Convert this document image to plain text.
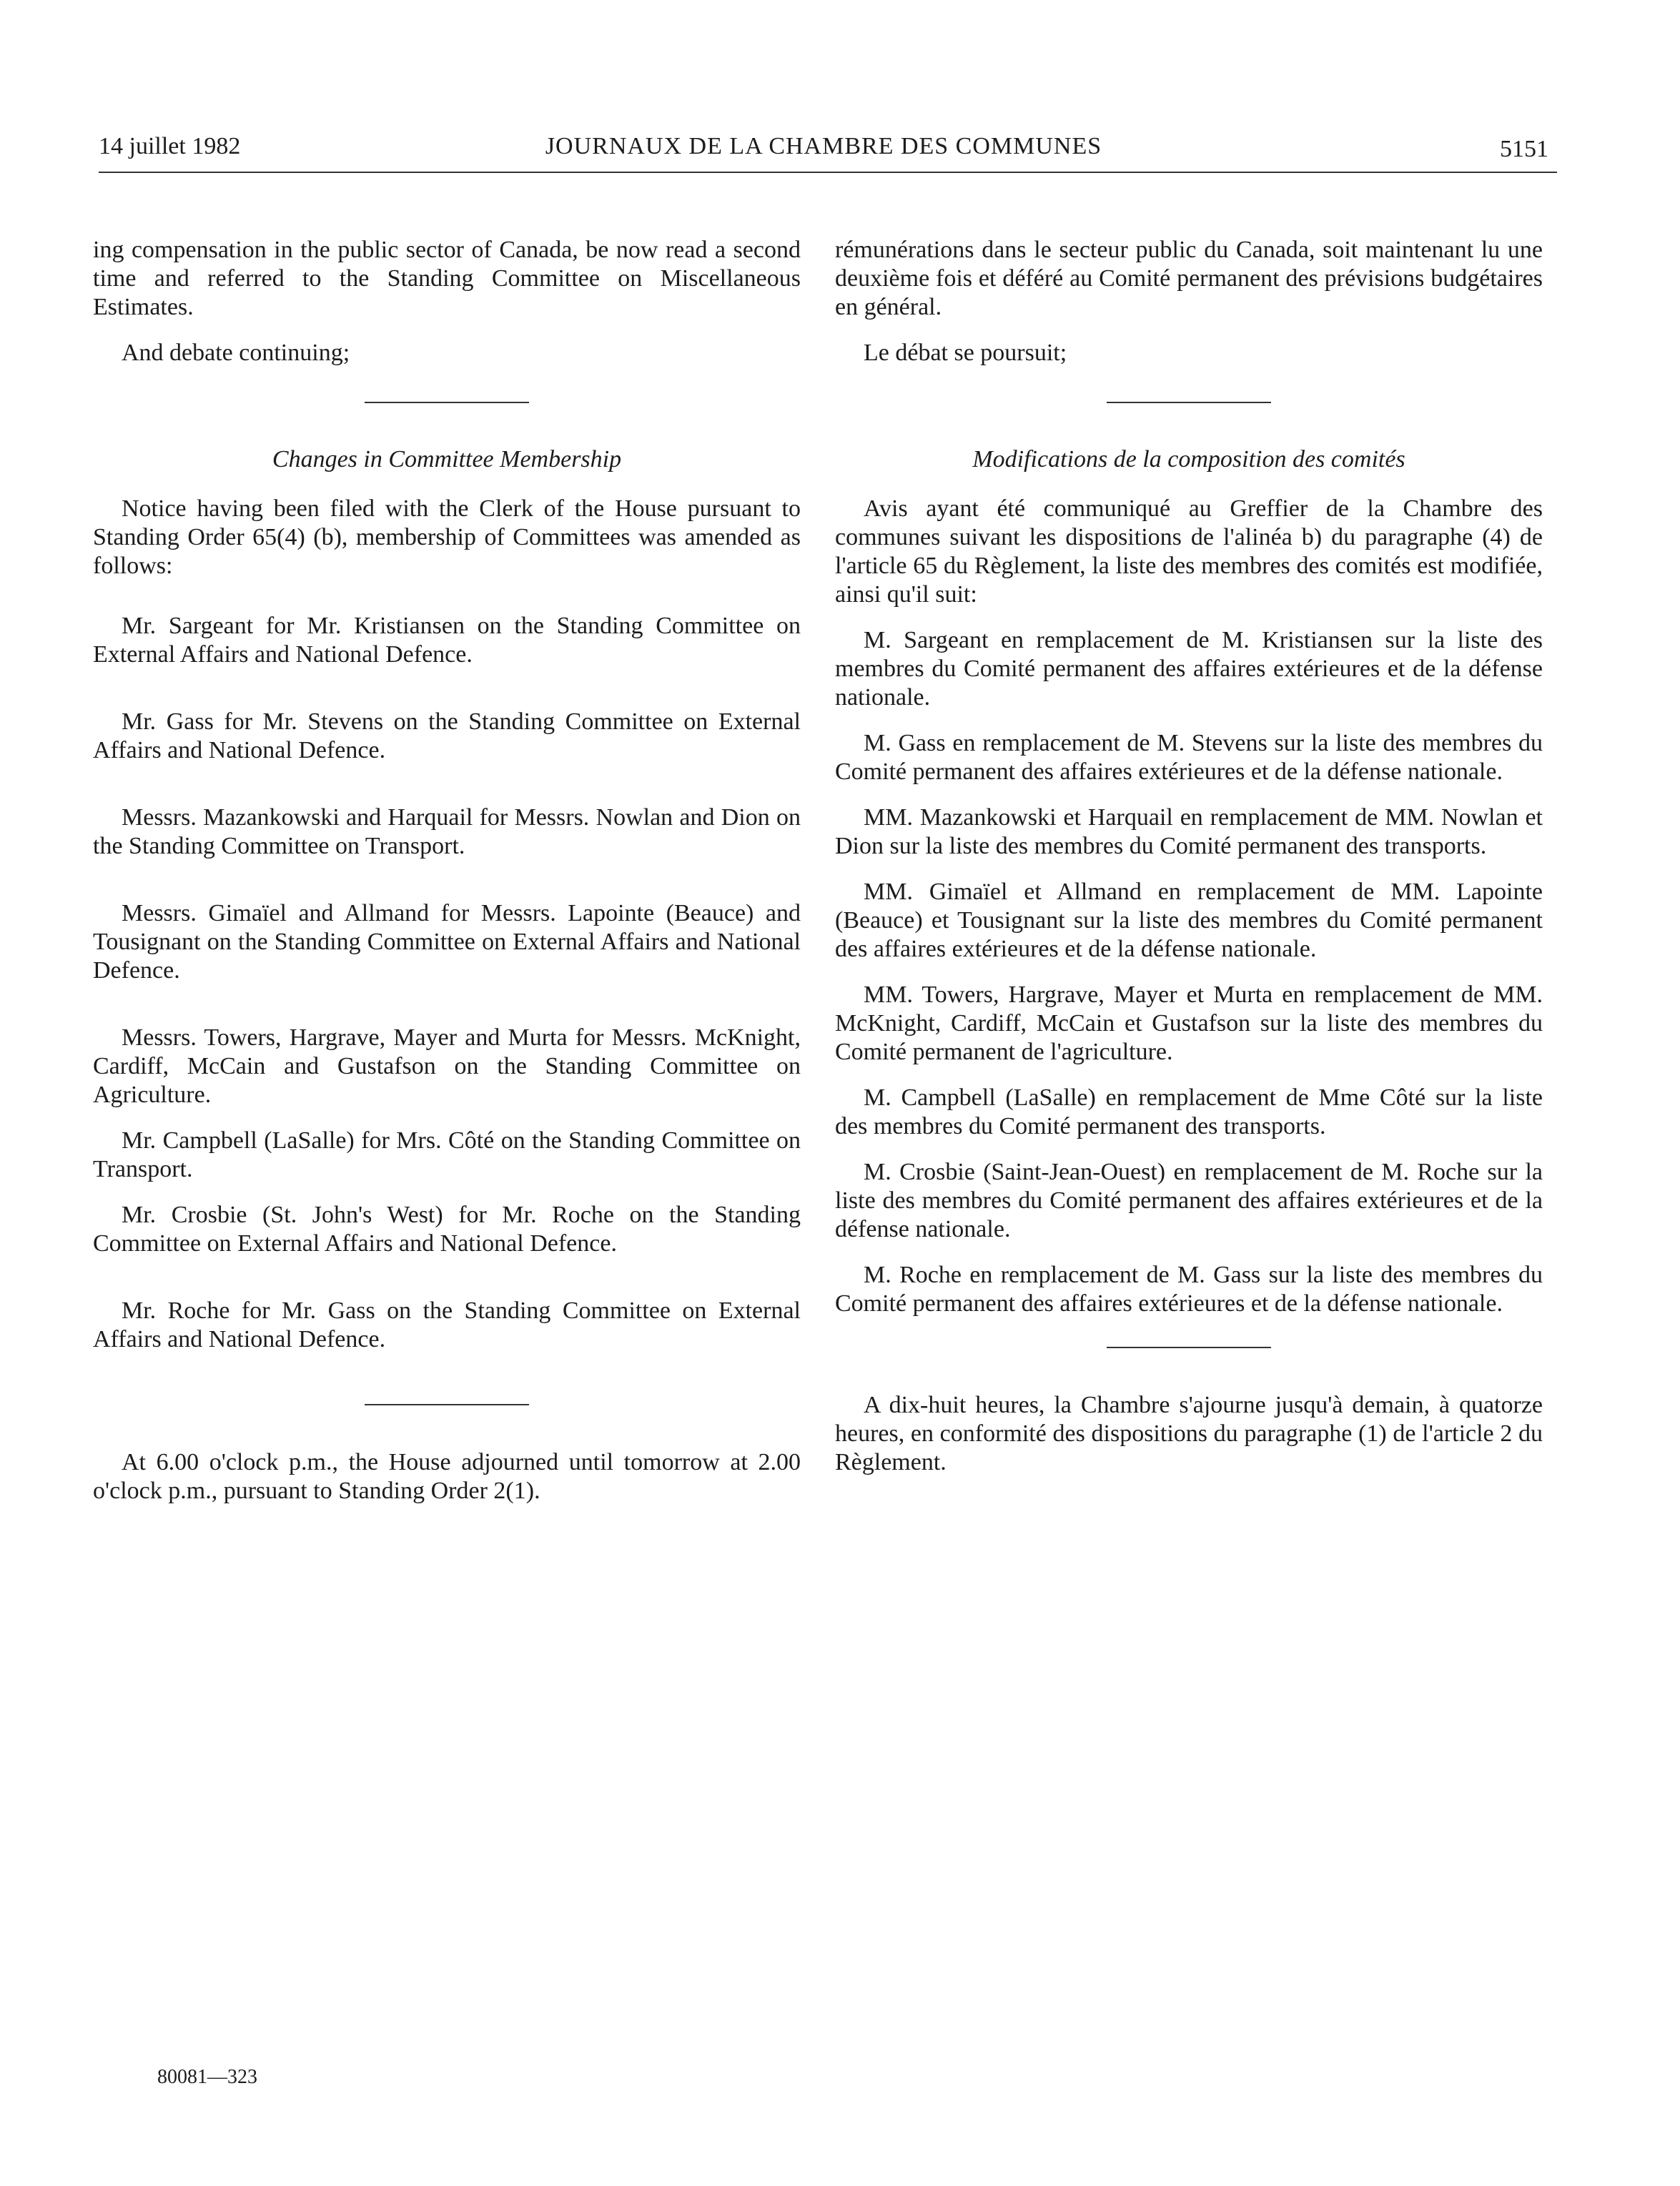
14 juillet 1982	JOURNAUX DE LA CHAMBRE DES COMMUNES	5151

ing compensation in the public sector of Canada, be now read a second time and referred to the Standing Committee on Miscellaneous Estimates.

And debate continuing;

Changes in Committee Membership

Notice having been filed with the Clerk of the House pursuant to Standing Order 65(4) (b), membership of Committees was amended as follows:

Mr. Sargeant for Mr. Kristiansen on the Standing Committee on External Affairs and National Defence.

Mr. Gass for Mr. Stevens on the Standing Committee on External Affairs and National Defence.

Messrs. Mazankowski and Harquail for Messrs. Nowlan and Dion on the Standing Committee on Transport.

Messrs. Gimaïel and Allmand for Messrs. Lapointe (Beauce) and Tousignant on the Standing Committee on External Affairs and National Defence.

Messrs. Towers, Hargrave, Mayer and Murta for Messrs. McKnight, Cardiff, McCain and Gustafson on the Standing Committee on Agriculture.

Mr. Campbell (LaSalle) for Mrs. Côté on the Standing Committee on Transport.

Mr. Crosbie (St. John's West) for Mr. Roche on the Standing Committee on External Affairs and National Defence.

Mr. Roche for Mr. Gass on the Standing Committee on External Affairs and National Defence.

At 6.00 o'clock p.m., the House adjourned until tomorrow at 2.00 o'clock p.m., pursuant to Standing Order 2(1).

rémunérations dans le secteur public du Canada, soit maintenant lu une deuxième fois et déféré au Comité permanent des prévisions budgétaires en général.

Le débat se poursuit;

Modifications de la composition des comités

Avis ayant été communiqué au Greffier de la Chambre des communes suivant les dispositions de l'alinéa b) du paragraphe (4) de l'article 65 du Règlement, la liste des membres des comités est modifiée, ainsi qu'il suit:

M. Sargeant en remplacement de M. Kristiansen sur la liste des membres du Comité permanent des affaires extérieures et de la défense nationale.

M. Gass en remplacement de M. Stevens sur la liste des membres du Comité permanent des affaires extérieures et de la défense nationale.

MM. Mazankowski et Harquail en remplacement de MM. Nowlan et Dion sur la liste des membres du Comité permanent des transports.

MM. Gimaïel et Allmand en remplacement de MM. Lapointe (Beauce) et Tousignant sur la liste des membres du Comité permanent des affaires extérieures et de la défense nationale.

MM. Towers, Hargrave, Mayer et Murta en remplacement de MM. McKnight, Cardiff, McCain et Gustafson sur la liste des membres du Comité permanent de l'agriculture.

M. Campbell (LaSalle) en remplacement de Mme Côté sur la liste des membres du Comité permanent des transports.

M. Crosbie (Saint-Jean-Ouest) en remplacement de M. Roche sur la liste des membres du Comité permanent des affaires extérieures et de la défense nationale.

M. Roche en remplacement de M. Gass sur la liste des membres du Comité permanent des affaires extérieures et de la défense nationale.

A dix-huit heures, la Chambre s'ajourne jusqu'à demain, à quatorze heures, en conformité des dispositions du paragraphe (1) de l'article 2 du Règlement.

80081—323
